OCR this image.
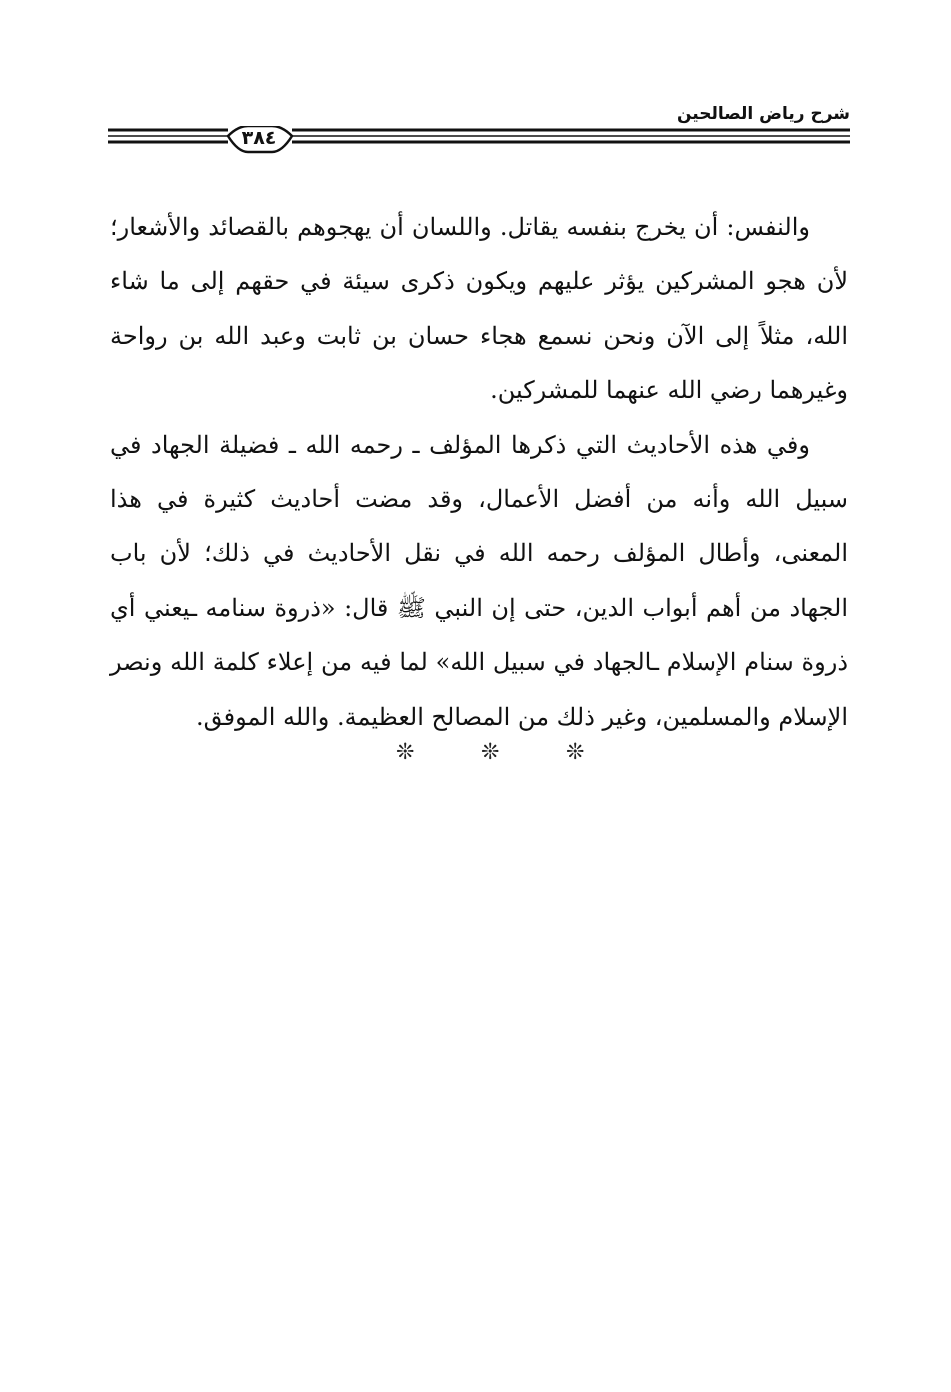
شرح رياض الصالحين
٣٨٤

والنفس: أن يخرج بنفسه يقاتل. واللسان أن يهجوهم بالقصائد والأشعار؛ لأن هجو المشركين يؤثر عليهم ويكون ذكرى سيئة في حقهم إلى ما شاء الله، مثلاً إلى الآن ونحن نسمع هجاء حسان بن ثابت وعبد الله بن رواحة وغيرهما رضي الله عنهما للمشركين.

وفي هذه الأحاديث التي ذكرها المؤلف ـ رحمه الله ـ فضيلة الجهاد في سبيل الله وأنه من أفضل الأعمال، وقد مضت أحاديث كثيرة في هذا المعنى، وأطال المؤلف رحمه الله في نقل الأحاديث في ذلك؛ لأن باب الجهاد من أهم أبواب الدين، حتى إن النبي ﷺ قال: «ذروة سنامه ـيعني أي ذروة سنام الإسلام ـالجهاد في سبيل الله» لما فيه من إعلاء كلمة الله ونصر الإسلام والمسلمين، وغير ذلك من المصالح العظيمة. والله الموفق.

❊	❊	❊
